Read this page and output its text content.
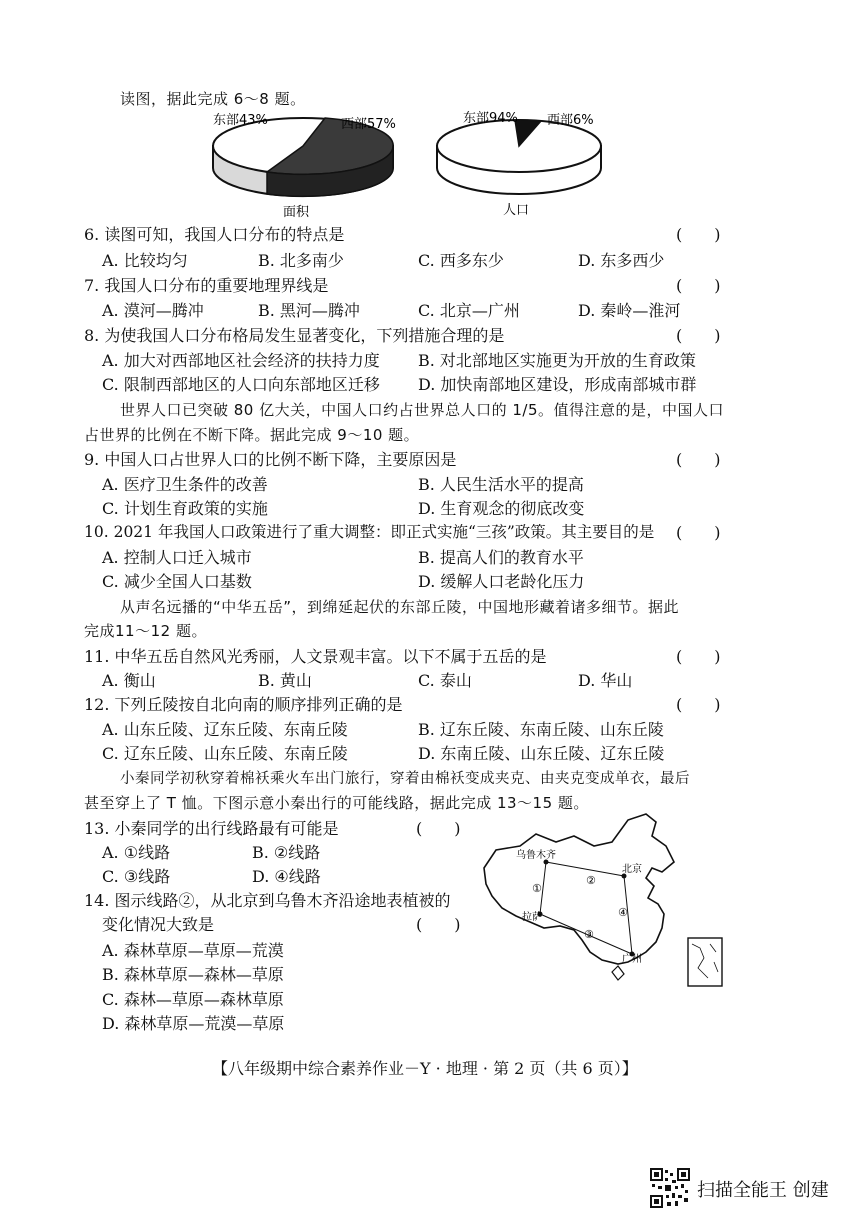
读图，据此完成 6～8 题。
东部43%	西部57%
面积
东部94% 西部6%
人口
6. 读图可知，我国人口分布的特点是	(　　)
A. 比较均匀	B. 北多南少	C. 西多东少	D. 东多西少
7. 我国人口分布的重要地理界线是	(　　)
A. 漠河—腾冲	B. 黑河—腾冲	C. 北京—广州	D. 秦岭—淮河
8. 为使我国人口分布格局发生显著变化，下列措施合理的是	(　　)
A. 加大对西部地区社会经济的扶持力度 B. 对北部地区实施更为开放的生育政策
C. 限制西部地区的人口向东部地区迁移 D. 加快南部地区建设，形成南部城市群
世界人口已突破 80 亿大关，中国人口约占世界总人口的 1/5。值得注意的是，中国人口
占世界的比例在不断下降。据此完成 9～10 题。
9. 中国人口占世界人口的比例不断下降，主要原因是	(　　)
A. 医疗卫生条件的改善	B. 人民生活水平的提高
C. 计划生育政策的实施	D. 生育观念的彻底改变
10. 2021 年我国人口政策进行了重大调整：即正式实施“三孩”政策。其主要目的是 (　　)
A. 控制人口迁入城市	B. 提高人们的教育水平
C. 减少全国人口基数	D. 缓解人口老龄化压力
从声名远播的“中华五岳”，到绵延起伏的东部丘陵，中国地形藏着诸多细节。据此
完成11～12 题。
11. 中华五岳自然风光秀丽，人文景观丰富。以下不属于五岳的是	(　　)
A. 衡山	B. 黄山	C. 泰山	D. 华山
12. 下列丘陵按自北向南的顺序排列正确的是	(　　)
A. 山东丘陵、辽东丘陵、东南丘陵	B. 辽东丘陵、东南丘陵、山东丘陵
C. 辽东丘陵、山东丘陵、东南丘陵	D. 东南丘陵、山东丘陵、辽东丘陵
小秦同学初秋穿着棉袄乘火车出门旅行，穿着由棉袄变成夹克、由夹克变成单衣，最后
甚至穿上了 T 恤。下图示意小秦出行的可能线路，据此完成 13～15 题。
13. 小秦同学的出行线路最有可能是	(　　)
A. ①线路	B. ②线路
C. ③线路	D. ④线路
14. 图示线路②，从北京到乌鲁木齐沿途地表植被的
变化情况大致是	(　　)
A. 森林草原—草原—荒漠
B. 森林草原—森林—草原
C. 森林—草原—森林草原
D. 森林草原—荒漠—草原
乌鲁木齐
北京
拉萨
广州
①
②
③
④
【八年级期中综合素养作业－Y · 地理 · 第 2 页（共 6 页）】
扫描全能王 创建
